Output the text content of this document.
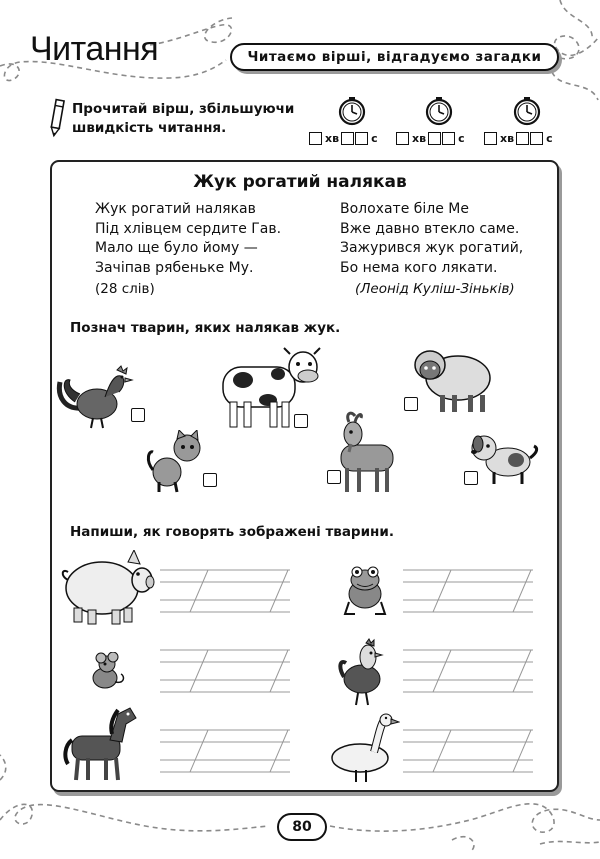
Читання	Читаємо вірші, відгадуємо загадки
Прочитай вірш, збільшуючи
швидкість читання.
хв	с	хв	с	хв	с
Жук рогатий налякав
Жук рогатий налякав
Під хлівцем сердите Гав.
Мало ще було йому —
Зачіпав рябеньке Му.
Волохате біле Ме
Вже давно втекло саме.
Зажурився жук рогатий,
Бо нема кого лякати.
(28 слів)	(Леонід Куліш-Зіньків)
Познач тварин, яких налякав жук.
Напиши, як говорять зображені тварини.
80
